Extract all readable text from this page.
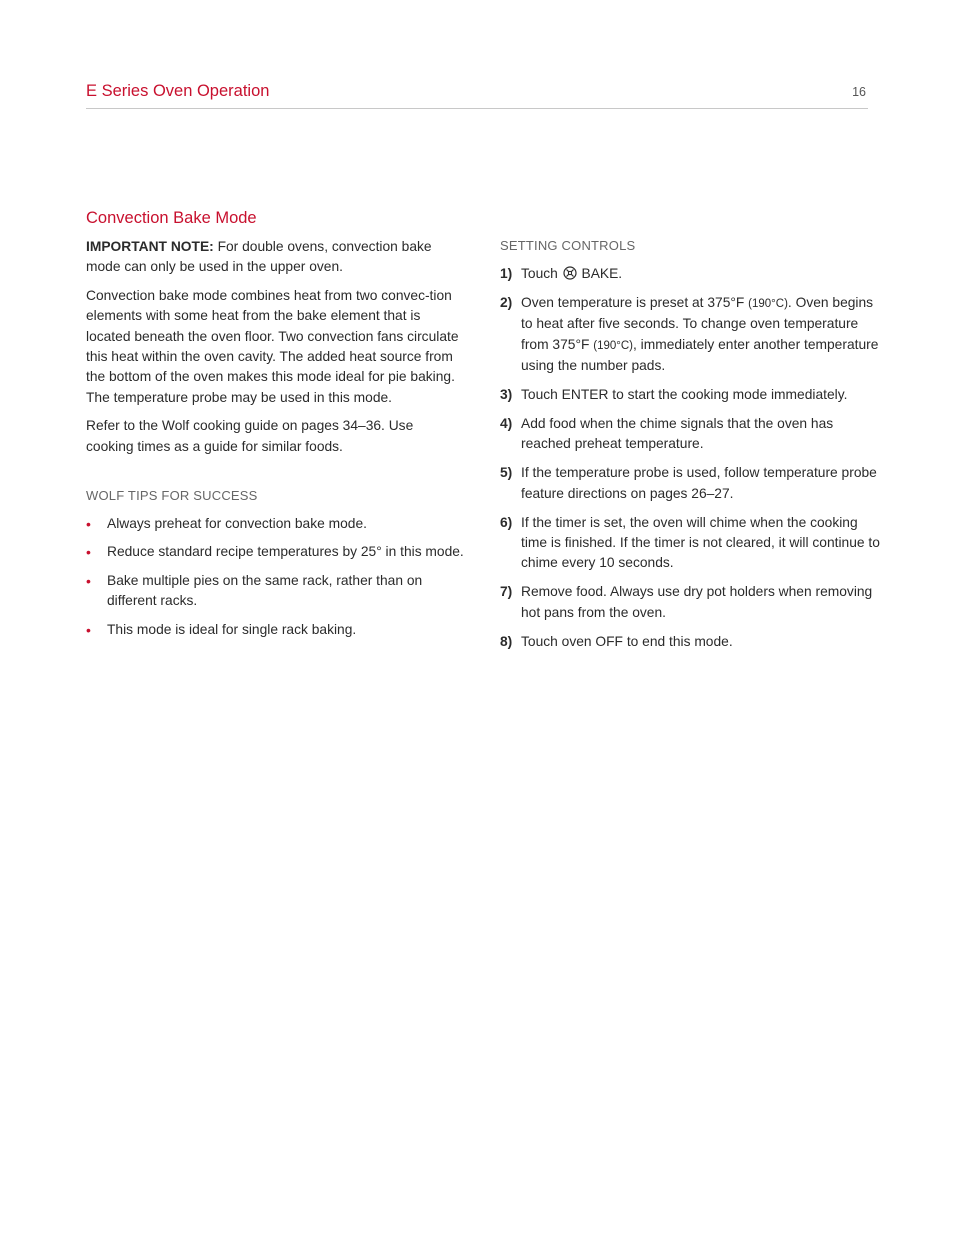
E Series Oven Operation	16
Convection Bake Mode

IMPORTANT NOTE: For double ovens, convection bake mode can only be used in the upper oven.

Convection bake mode combines heat from two convec-tion elements with some heat from the bake element that is located beneath the oven floor. Two convection fans circulate this heat within the oven cavity. The added heat source from the bottom of the oven makes this mode ideal for pie baking. The temperature probe may be used in this mode.

Refer to the Wolf cooking guide on pages 34–36. Use cooking times as a guide for similar foods.

WOLF TIPS FOR SUCCESS
• Always preheat for convection bake mode.
• Reduce standard recipe temperatures by 25° in this mode.
• Bake multiple pies on the same rack, rather than on different racks.
• This mode is ideal for single rack baking.
SETTING CONTROLS
1) Touch  BAKE.
2) Oven temperature is preset at 375°F (190°C). Oven begins to heat after five seconds. To change oven temperature from 375°F (190°C), immediately enter another temperature using the number pads.
3) Touch ENTER to start the cooking mode immediately.
4) Add food when the chime signals that the oven has reached preheat temperature.
5) If the temperature probe is used, follow temperature probe feature directions on pages 26–27.
6) If the timer is set, the oven will chime when the cooking time is finished. If the timer is not cleared, it will continue to chime every 10 seconds.
7) Remove food. Always use dry pot holders when removing hot pans from the oven.
8) Touch oven OFF to end this mode.
